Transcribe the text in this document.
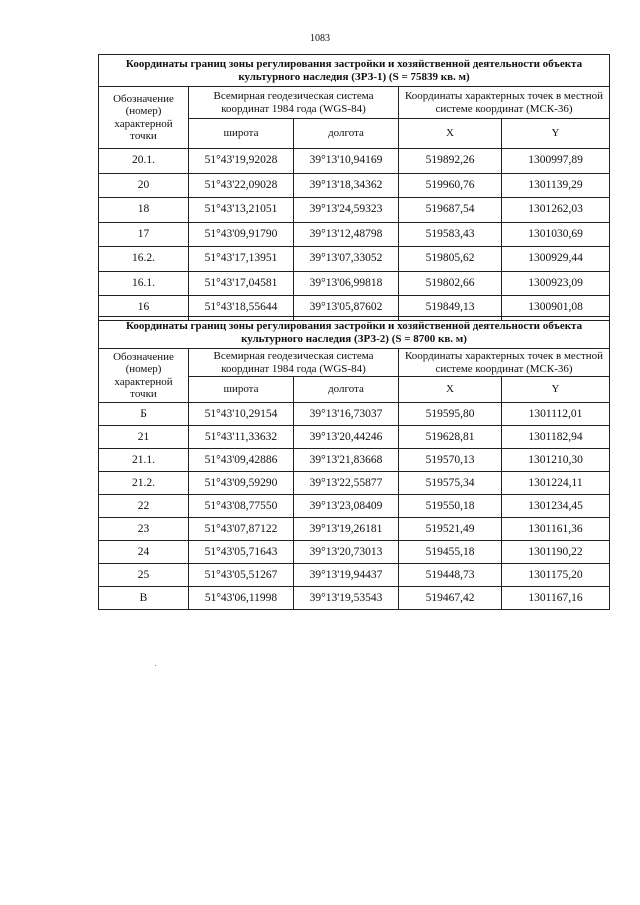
1083
Координаты границ зоны регулирования застройки и хозяйственной деятельности объекта культурного наследия (ЗРЗ-1) (S = 75839 кв. м)				
Обозначение (номер) характерной точки	Всемирная геодезическая система координат 1984 года (WGS-84)		Координаты характерных точек в местной системе координат (МСК-36)	
	широта	долгота	X	Y
20.1.	51°43'19,92028	39°13'10,94169	519892,26	1300997,89
20	51°43'22,09028	39°13'18,34362	519960,76	1301139,29
18	51°43'13,21051	39°13'24,59323	519687,54	1301262,03
17	51°43'09,91790	39°13'12,48798	519583,43	1301030,69
16.2.	51°43'17,13951	39°13'07,33052	519805,62	1300929,44
16.1.	51°43'17,04581	39°13'06,99818	519802,66	1300923,09
16	51°43'18,55644	39°13'05,87602	519849,13	1300901,08
Координаты границ зоны регулирования застройки и хозяйственной деятельности объекта культурного наследия (ЗРЗ-2) (S = 8700 кв. м)				
Обозначение (номер) характерной точки	Всемирная геодезическая система координат 1984 года (WGS-84)		Координаты характерных точек в местной системе координат (МСК-36)	
	широта	долгота	X	Y
Б	51°43'10,29154	39°13'16,73037	519595,80	1301112,01
21	51°43'11,33632	39°13'20,44246	519628,81	1301182,94
21.1.	51°43'09,42886	39°13'21,83668	519570,13	1301210,30
21.2.	51°43'09,59290	39°13'22,55877	519575,34	1301224,11
22	51°43'08,77550	39°13'23,08409	519550,18	1301234,45
23	51°43'07,87122	39°13'19,26181	519521,49	1301161,36
24	51°43'05,71643	39°13'20,73013	519455,18	1301190,22
25	51°43'05,51267	39°13'19,94437	519448,73	1301175,20
В	51°43'06,11998	39°13'19,53543	519467,42	1301167,16
